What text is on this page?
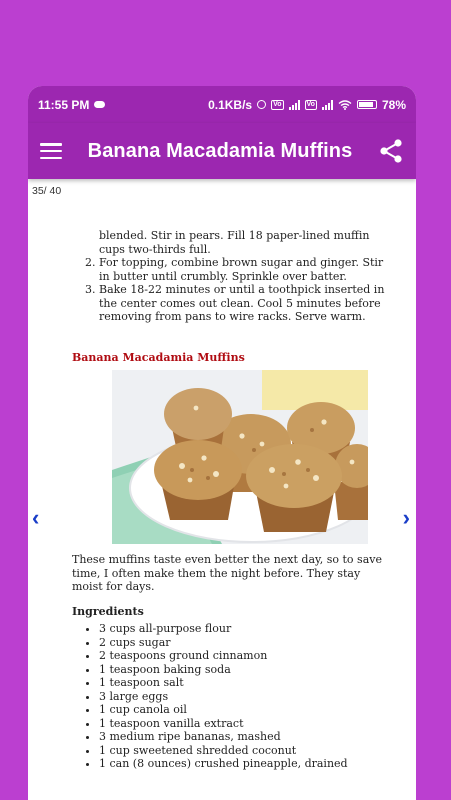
11:55 PM	0.1KB/s	Vo	Vo	78%
Banana Macadamia Muffins
35/ 40
blended. Stir in pears. Fill 18 paper-lined muffin cups two-thirds full.
2. For topping, combine brown sugar and ginger. Stir in butter until crumbly. Sprinkle over batter.
3. Bake 18-22 minutes or until a toothpick inserted in the center comes out clean. Cool 5 minutes before removing from pans to wire racks. Serve warm.
Banana Macadamia Muffins
These muffins taste even better the next day, so to save time, I often make them the night before. They stay moist for days.
Ingredients
• 3 cups all-purpose flour
• 2 cups sugar
• 2 teaspoons ground cinnamon
• 1 teaspoon baking soda
• 1 teaspoon salt
• 3 large eggs
• 1 cup canola oil
• 1 teaspoon vanilla extract
• 3 medium ripe bananas, mashed
• 1 cup sweetened shredded coconut
• 1 can (8 ounces) crushed pineapple, drained
‹	›
